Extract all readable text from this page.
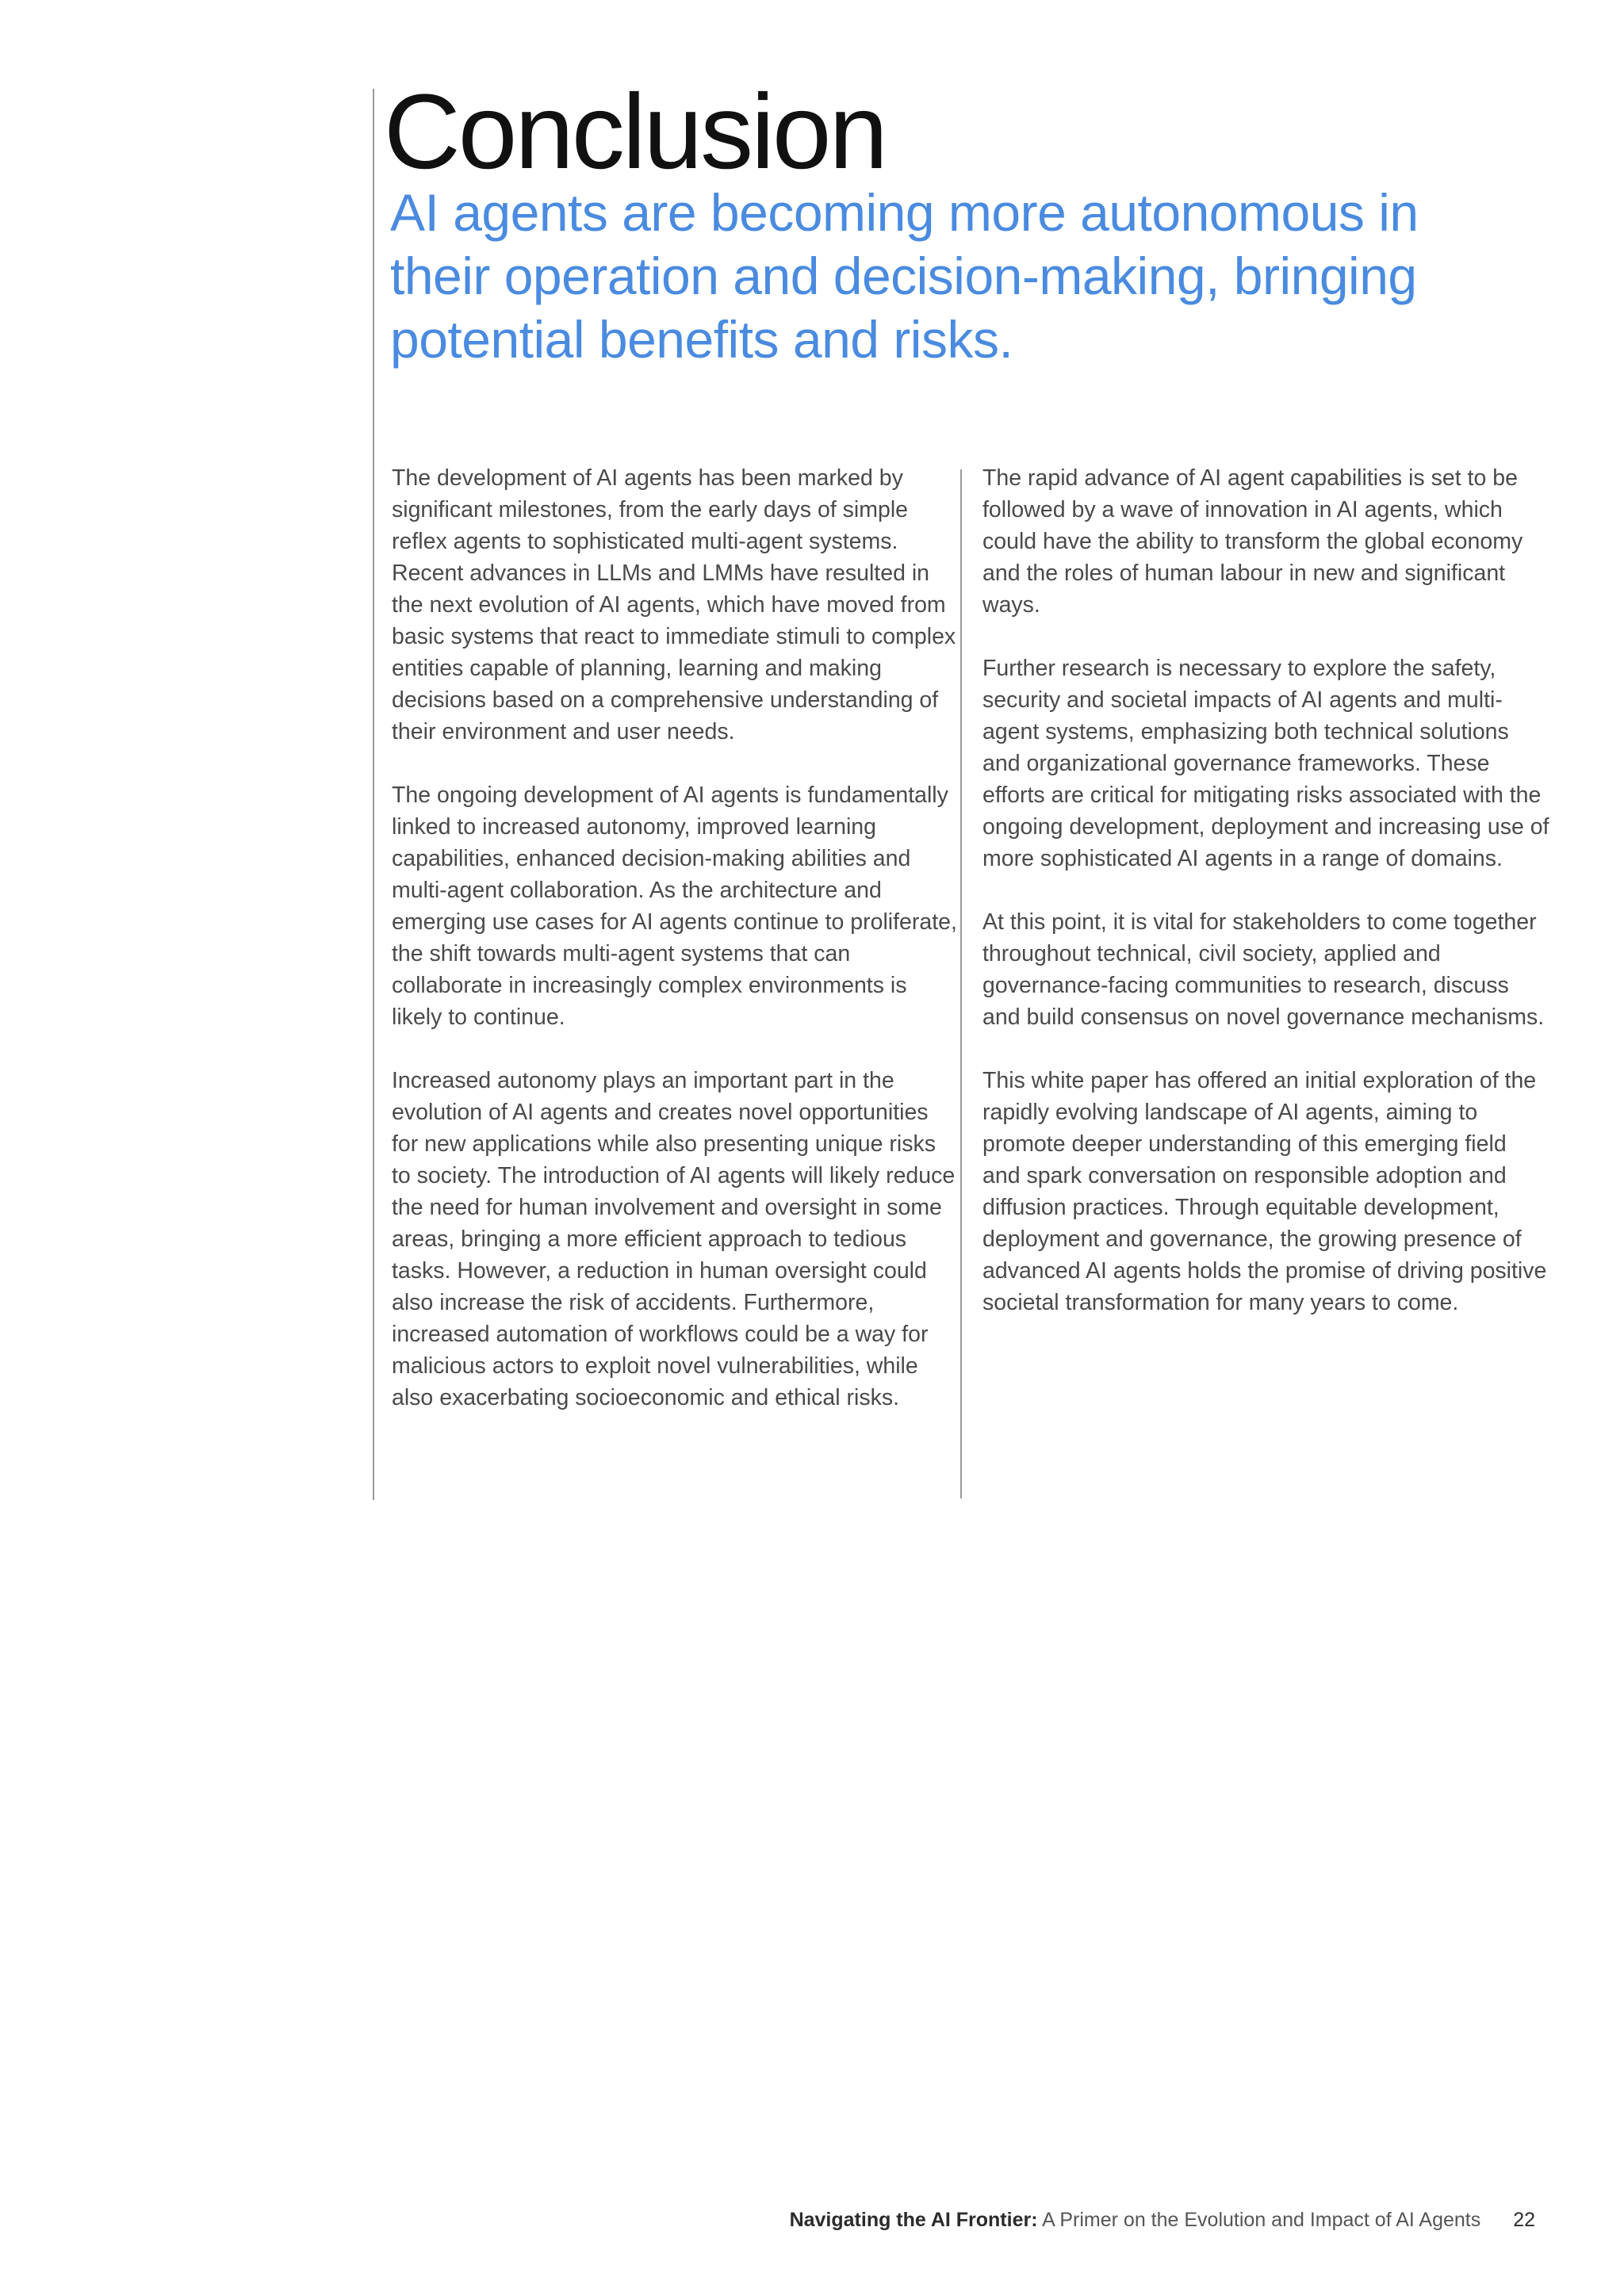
Conclusion
AI agents are becoming more autonomous in their operation and decision-making, bringing potential benefits and risks.

The development of AI agents has been marked by significant milestones, from the early days of simple reflex agents to sophisticated multi-agent systems. Recent advances in LLMs and LMMs have resulted in the next evolution of AI agents, which have moved from basic systems that react to immediate stimuli to complex entities capable of planning, learning and making decisions based on a comprehensive understanding of their environment and user needs.

The ongoing development of AI agents is fundamentally linked to increased autonomy, improved learning capabilities, enhanced decision-making abilities and multi-agent collaboration. As the architecture and emerging use cases for AI agents continue to proliferate, the shift towards multi-agent systems that can collaborate in increasingly complex environments is likely to continue.

Increased autonomy plays an important part in the evolution of AI agents and creates novel opportunities for new applications while also presenting unique risks to society. The introduction of AI agents will likely reduce the need for human involvement and oversight in some areas, bringing a more efficient approach to tedious tasks. However, a reduction in human oversight could also increase the risk of accidents. Furthermore, increased automation of workflows could be a way for malicious actors to exploit novel vulnerabilities, while also exacerbating socioeconomic and ethical risks.

The rapid advance of AI agent capabilities is set to be followed by a wave of innovation in AI agents, which could have the ability to transform the global economy and the roles of human labour in new and significant ways.

Further research is necessary to explore the safety, security and societal impacts of AI agents and multi-agent systems, emphasizing both technical solutions and organizational governance frameworks. These efforts are critical for mitigating risks associated with the ongoing development, deployment and increasing use of more sophisticated AI agents in a range of domains.

At this point, it is vital for stakeholders to come together throughout technical, civil society, applied and governance-facing communities to research, discuss and build consensus on novel governance mechanisms.

This white paper has offered an initial exploration of the rapidly evolving landscape of AI agents, aiming to promote deeper understanding of this emerging field and spark conversation on responsible adoption and diffusion practices. Through equitable development, deployment and governance, the growing presence of advanced AI agents holds the promise of driving positive societal transformation for many years to come.

Navigating the AI Frontier: A Primer on the Evolution and Impact of AI Agents 22
